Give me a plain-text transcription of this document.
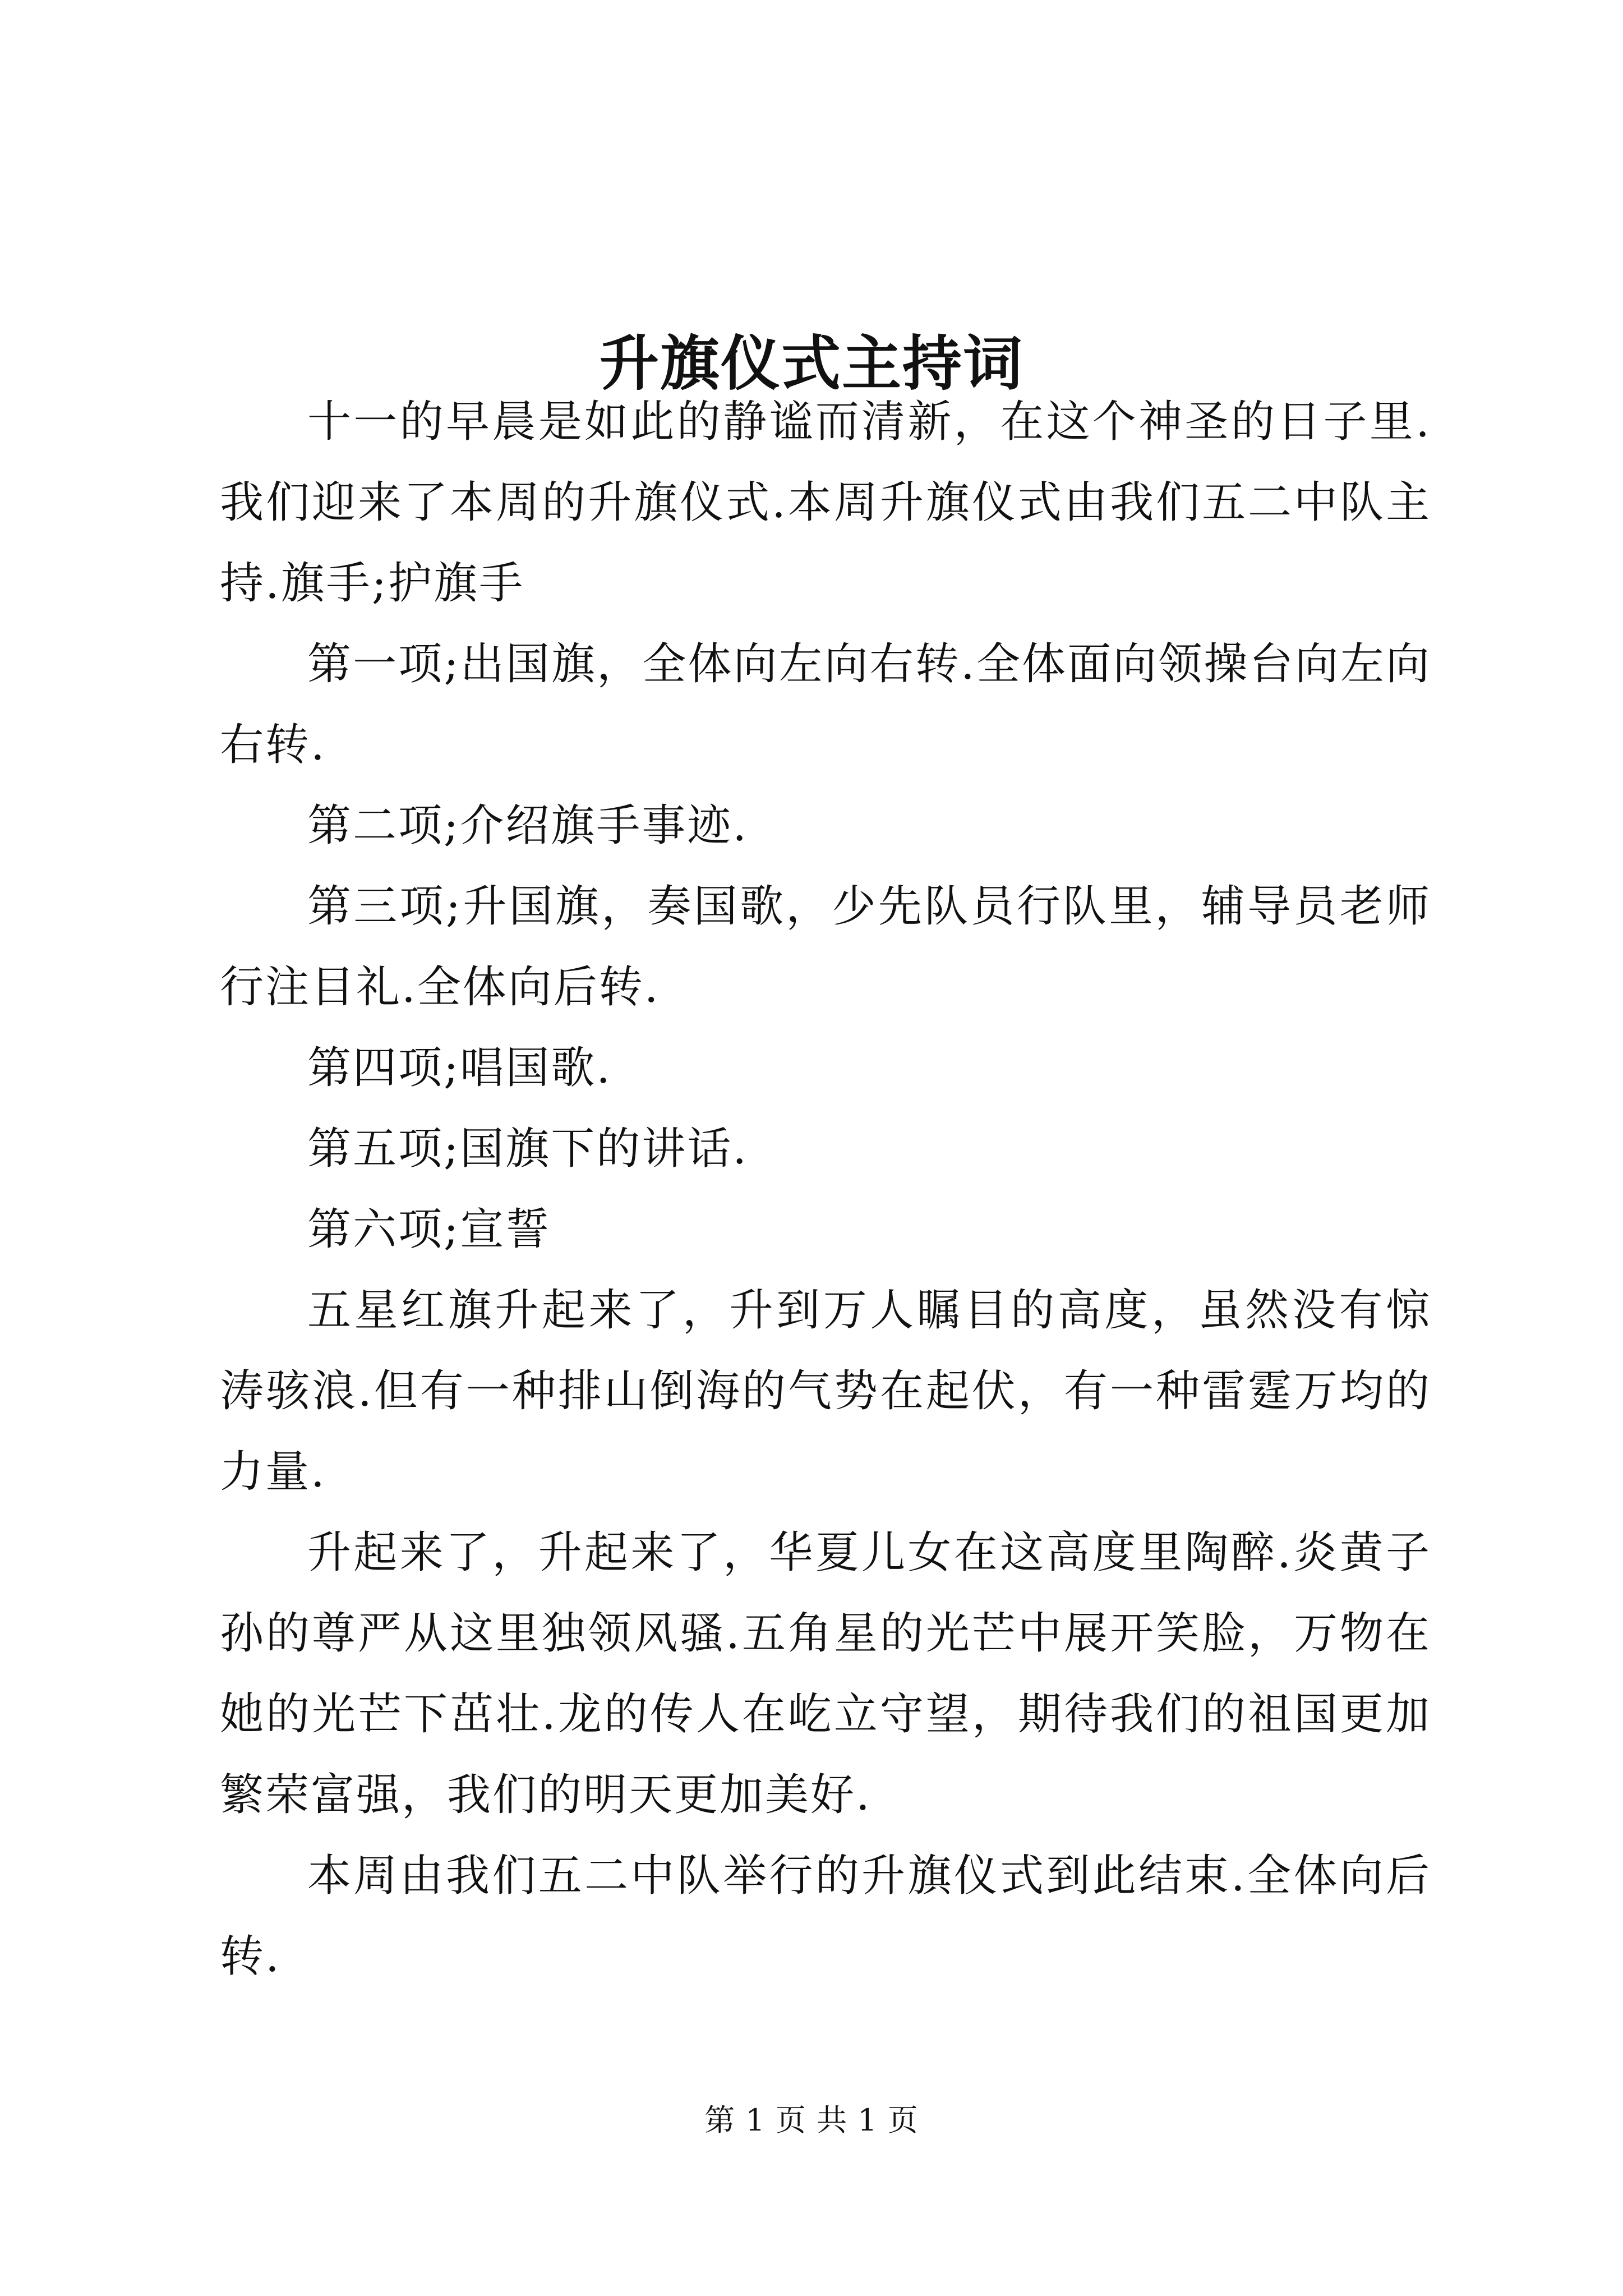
升旗仪式主持词

十一的早晨是如此的静谧而清新，在这个神圣的日子里.我们迎来了本周的升旗仪式.本周升旗仪式由我们五二中队主持.旗手;护旗手

第一项;出国旗，全体向左向右转.全体面向领操台向左向右转.

第二项;介绍旗手事迹.

第三项;升国旗，奏国歌，少先队员行队里，辅导员老师行注目礼.全体向后转.

第四项;唱国歌.

第五项;国旗下的讲话.

第六项;宣誓

五星红旗升起来了，升到万人瞩目的高度，虽然没有惊涛骇浪.但有一种排山倒海的气势在起伏，有一种雷霆万均的力量.

升起来了，升起来了，华夏儿女在这高度里陶醉.炎黄子孙的尊严从这里独领风骚.五角星的光芒中展开笑脸，万物在她的光芒下茁壮.龙的传人在屹立守望，期待我们的祖国更加繁荣富强，我们的明天更加美好.

本周由我们五二中队举行的升旗仪式到此结束.全体向后转.

第 1 页 共 1 页
